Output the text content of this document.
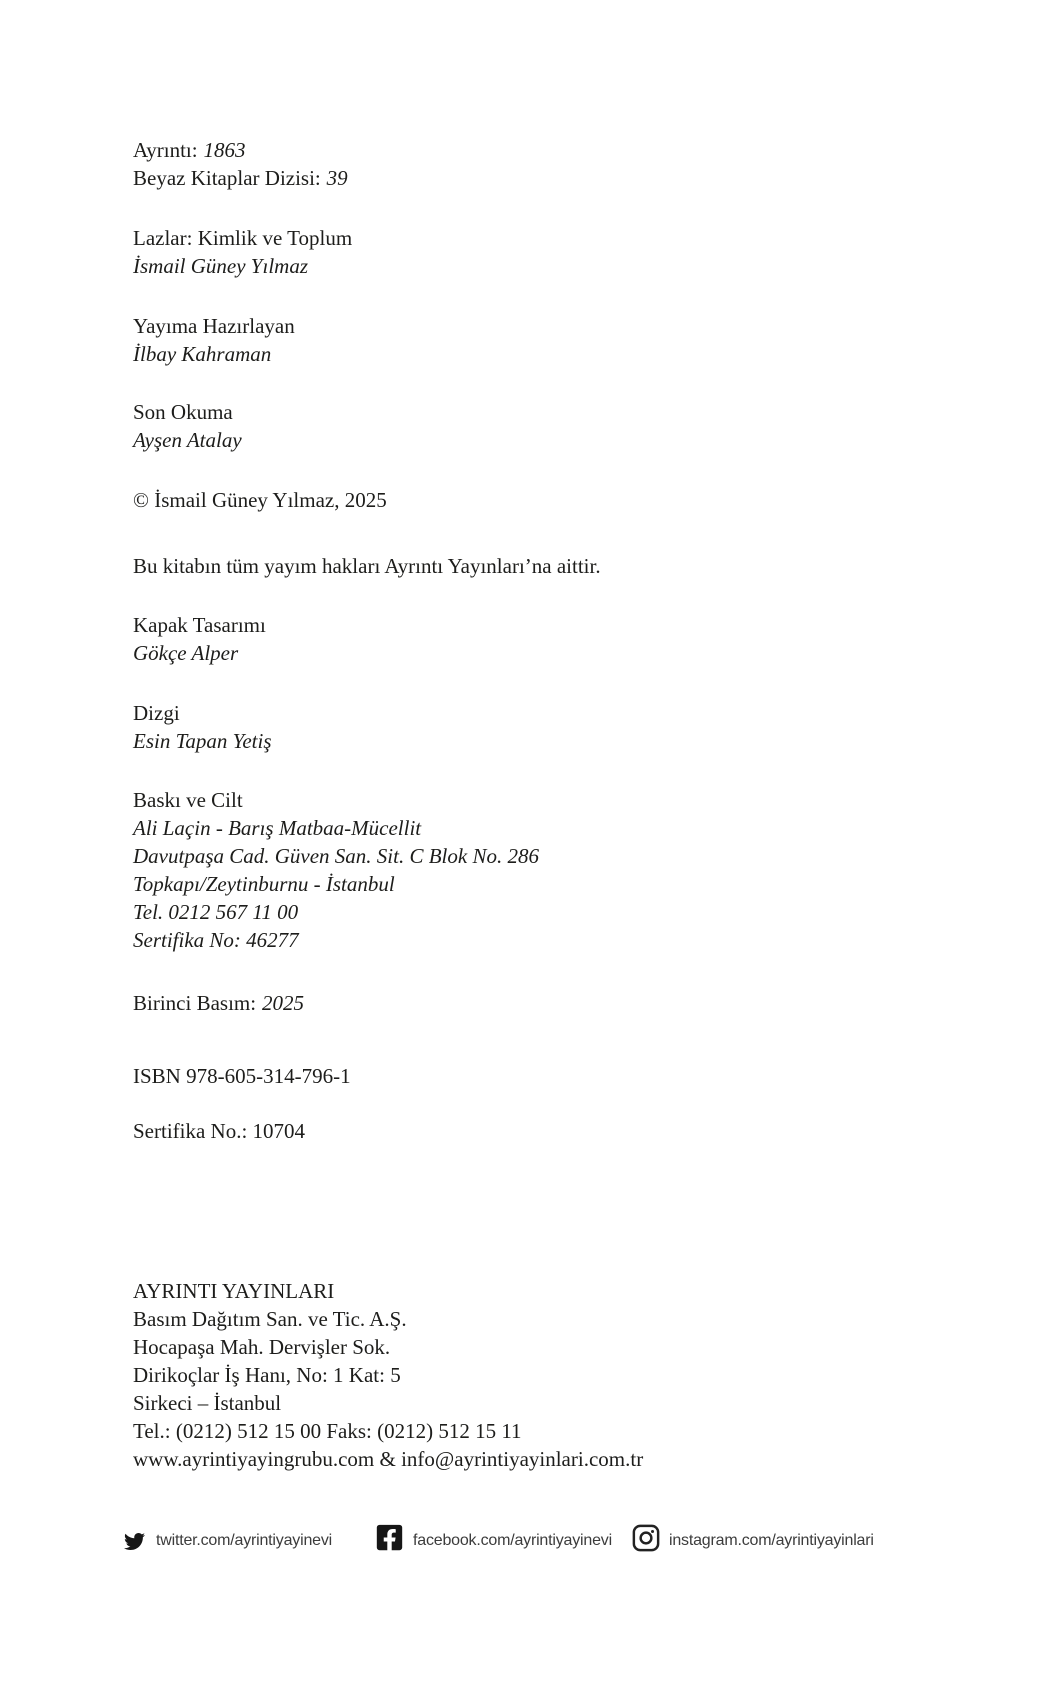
Ayrıntı: 1863

Beyaz Kitaplar Dizisi: 39

Lazlar: Kimlik ve Toplum

İsmail Güney Yılmaz

Yayıma Hazırlayan

İlbay Kahraman

Son Okuma

Ayşen Atalay

© İsmail Güney Yılmaz, 2025

Bu kitabın tüm yayım hakları Ayrıntı Yayınları’na aittir.

Kapak Tasarımı

Gökçe Alper

Dizgi

Esin Tapan Yetiş

Baskı ve Cilt

Ali Laçin - Barış Matbaa-Mücellit

Davutpaşa Cad. Güven San. Sit. C Blok No. 286

Topkapı/Zeytinburnu - İstanbul

Tel. 0212 567 11 00

Sertifika No: 46277

Birinci Basım: 2025

ISBN 978-605-314-796-1

Sertifika No.: 10704

AYRINTI YAYINLARI

Basım Dağıtım San. ve Tic. A.Ş.

Hocapaşa Mah. Dervişler Sok.

Dirikoçlar İş Hanı, No: 1 Kat: 5

Sirkeci – İstanbul

Tel.: (0212) 512 15 00 Faks: (0212) 512 15 11

www.ayrintiyayingrubu.com & info@ayrintiyayinlari.com.tr

twitter.com/ayrintiyayinevi	facebook.com/ayrintiyayinevi	instagram.com/ayrintiyayinlari
